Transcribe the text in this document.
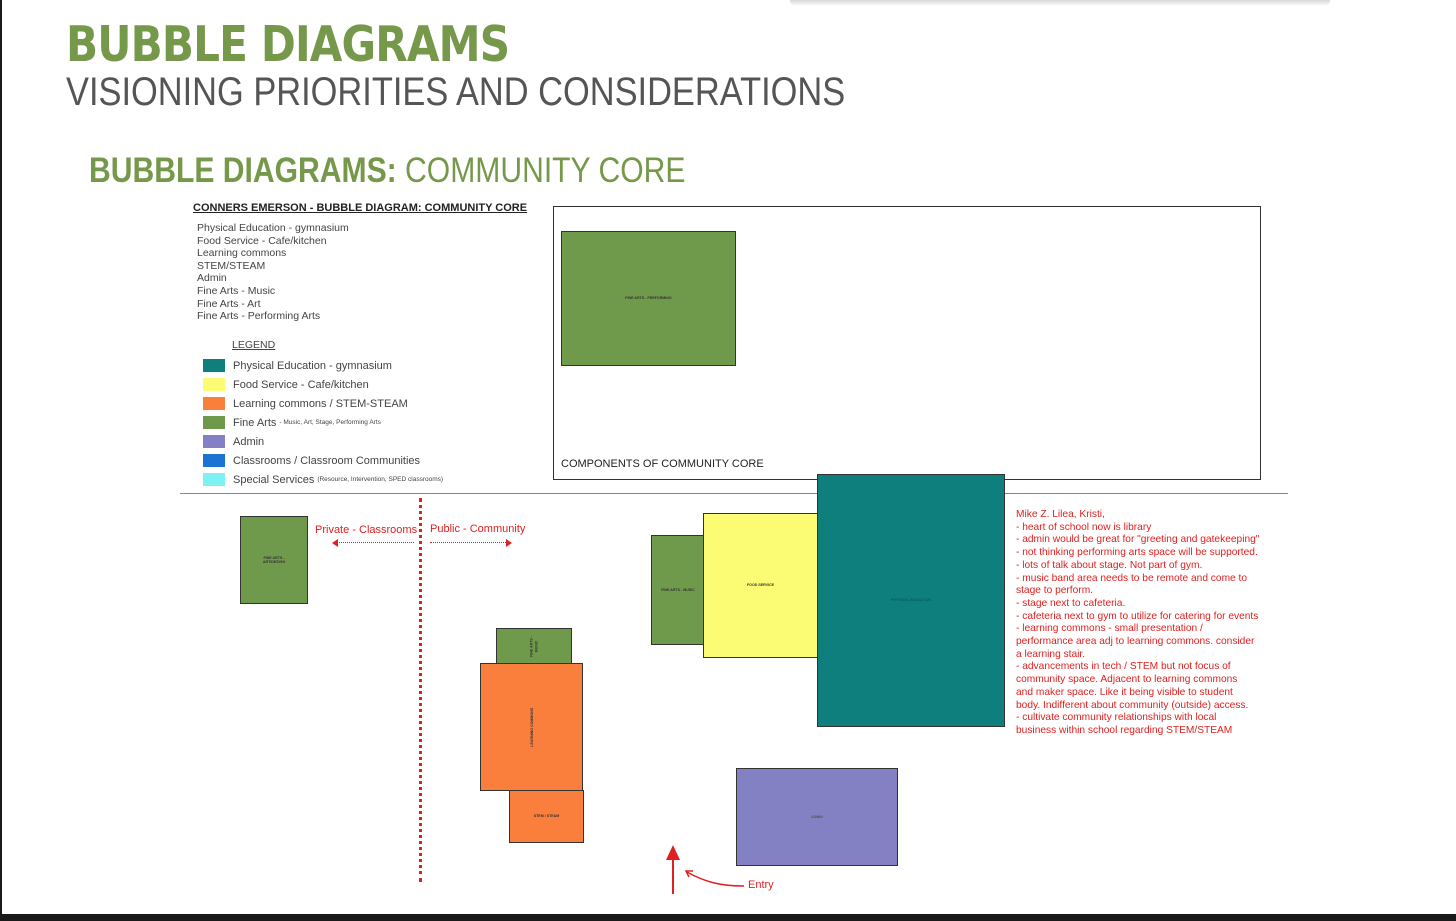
BUBBLE DIAGRAMS
VISIONING PRIORITIES AND CONSIDERATIONS
BUBBLE DIAGRAMS: COMMUNITY CORE
CONNERS EMERSON - BUBBLE DIAGRAM: COMMUNITY CORE
Physical Education - gymnasium
Food Service - Cafe/kitchen
Learning commons
STEM/STEAM
Admin
Fine Arts - Music
Fine Arts - Art
Fine Arts - Performing Arts
LEGEND
Physical Education - gymnasium
Food Service - Cafe/kitchen
Learning commons / STEM-STEAM
Fine Arts - Music, Art, Stage, Performing Arts
Admin
Classrooms / Classroom Communities
Special Services (Resource, Intervention, SPED classrooms)
FINE ARTS - PERFORMING
COMPONENTS OF COMMUNITY CORE
FINE ARTS - ART/DESIGN
Private - Classrooms Public - Community
FINE ARTS - MUSIC
LEARNING COMMONS
STEM / STEAM
FINE ARTS - MUSIC
FOOD SERVICE
PHYSICAL EDUCATION
ADMIN
Entry
Mike Z. Lilea, Kristi,
- heart of school now is library
- admin would be great for "greeting and gatekeeping"
- not thinking performing arts space will be supported.
- lots of talk about stage. Not part of gym.
- music band area needs to be remote and come to
stage to perform.
- stage next to cafeteria.
- cafeteria next to gym to utilize for catering for events
- learning commons - small presentation /
performance area adj to learning commons. consider
a learning stair.
- advancements in tech / STEM but not focus of
community space. Adjacent to learning commons
and maker space. Like it being visible to student
body. Indifferent about community (outside) access.
- cultivate community relationships with local
business within school regarding STEM/STEAM
